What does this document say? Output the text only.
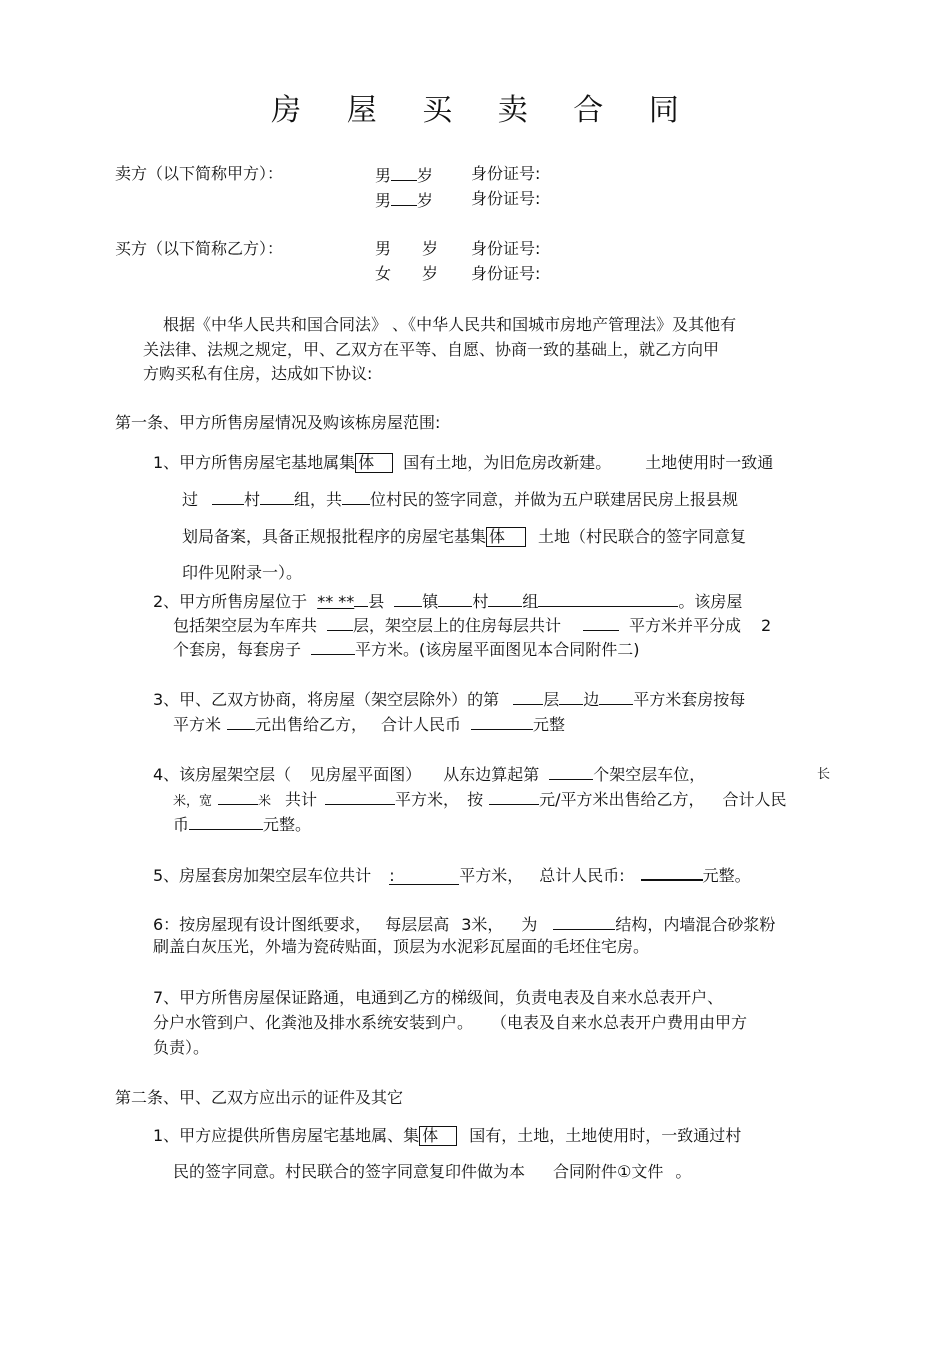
房 屋 买 卖 合 同
卖方（以下简称甲方）：	男 岁 身份证号:
男 岁 身份证号:
买方（以下简称乙方）：	男 岁 身份证号:
女 岁 身份证号:
根据《中华人民共和国合同法》 、《中华人民共和国城市房地产管理法》及其他有
关法律、法规之规定，甲、乙双方在平等、自愿、协商一致的基础上，就乙方向甲
方购买私有住房，达成如下协议:
第一条、甲方所售房屋情况及购该栋房屋范围:
1、甲方所售房屋宅基地属集 体 国有土地，为旧危房改新建。 土地使用时一致通
过	村 组，共 位村民的签字同意，并做为五户联建居民房上报县规
划局备案，具备正规报批程序的房屋宅基集 体 土地（村民联合的签字同意复
印件见附录一）。
2、甲方所售房屋位于 ** ** 县 镇 村 组	。该房屋
包括架空层为车库共 层，架空层上的住房每层共计	平方米并平分成 2
个套房，每套房子	平方米。(该房屋平面图见本合同附件二)
3、甲、乙双方协商，将房屋（架空层除外）的第	层 边 平方米套房按每
平方米 元出售给乙方， 合计人民币	元整
4、该房屋架空层（ 见房屋平面图） 从东边算起第	个架空层车位，	长
米，宽	米 共计	平方米， 按	元/平方米出售给乙方， 合计人民
币	元整。
5、房屋套房加架空层车位共计 :	平方米， 总计人民币:	元整。
6：按房屋现有设计图纸要求， 每层层高 3米， 为	结构，内墙混合砂浆粉
刷盖白灰压光，外墙为瓷砖贴面，顶层为水泥彩瓦屋面的毛坯住宅房。
7、甲方所售房屋保证路通，电通到乙方的梯级间，负责电表及自来水总表开户、
分户水管到户、化粪池及排水系统安装到户。 （电表及自来水总表开户费用由甲方
负责）。
第二条、甲、乙双方应出示的证件及其它
1、甲方应提供所售房屋宅基地属、集 体 国有，土地，土地使用时，一致通过村
民的签字同意。村民联合的签字同意复印件做为本 合同附件①文件 。
